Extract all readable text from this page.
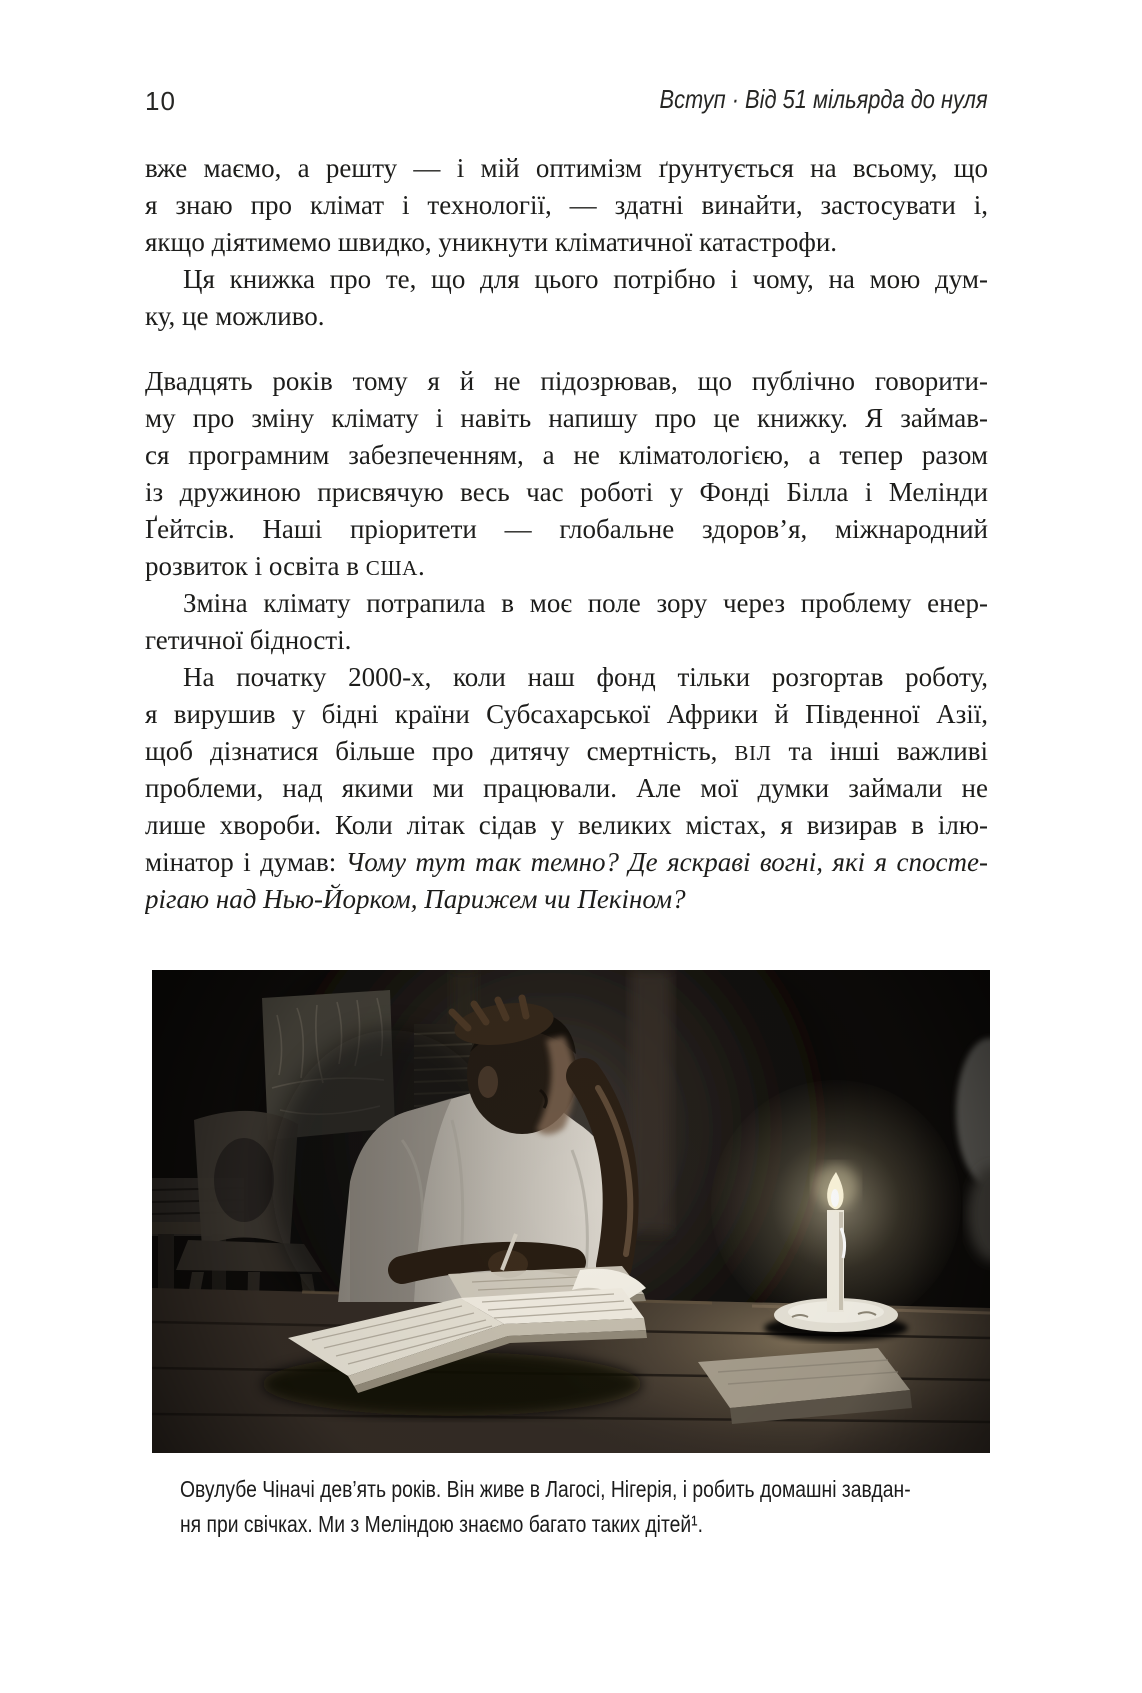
10	Вступ · Від 51 мільярда до нуля
вже маємо, а решту — і мій оптимізм ґрунтується на всьому, що
я знаю про клімат і технології, — здатні винайти, застосувати і,
якщо діятимемо швидко, уникнути кліматичної катастрофи.
Ця книжка про те, що для цього потрібно і чому, на мою дум-
ку, це можливо.
Двадцять років тому я й не підозрював, що публічно говорити-
му про зміну клімату і навіть напишу про це книжку. Я займав-
ся програмним забезпеченням, а не кліматологією, а тепер разом
із дружиною присвячую весь час роботі у Фонді Білла і Мелінди
Ґейтсів. Наші пріоритети — глобальне здоров’я, міжнародний
розвиток і освіта в США.
Зміна клімату потрапила в моє поле зору через проблему енер-
гетичної бідності.
На початку 2000-х, коли наш фонд тільки розгортав роботу,
я вирушив у бідні країни Субсахарської Африки й Південної Азії,
щоб дізнатися більше про дитячу смертність, ВІЛ та інші важливі
проблеми, над якими ми працювали. Але мої думки займали не
лише хвороби. Коли літак сідав у великих містах, я визирав в ілю-
мінатор і думав: Чому тут так темно? Де яскраві вогні, які я спосте-
рігаю над Нью-Йорком, Парижем чи Пекіном?
Овулубе Чіначі дев’ять років. Він живе в Лагосі, Нігерія, і робить домашні завдан-
ня при свічках. Ми з Меліндою знаємо багато таких дітей¹.
